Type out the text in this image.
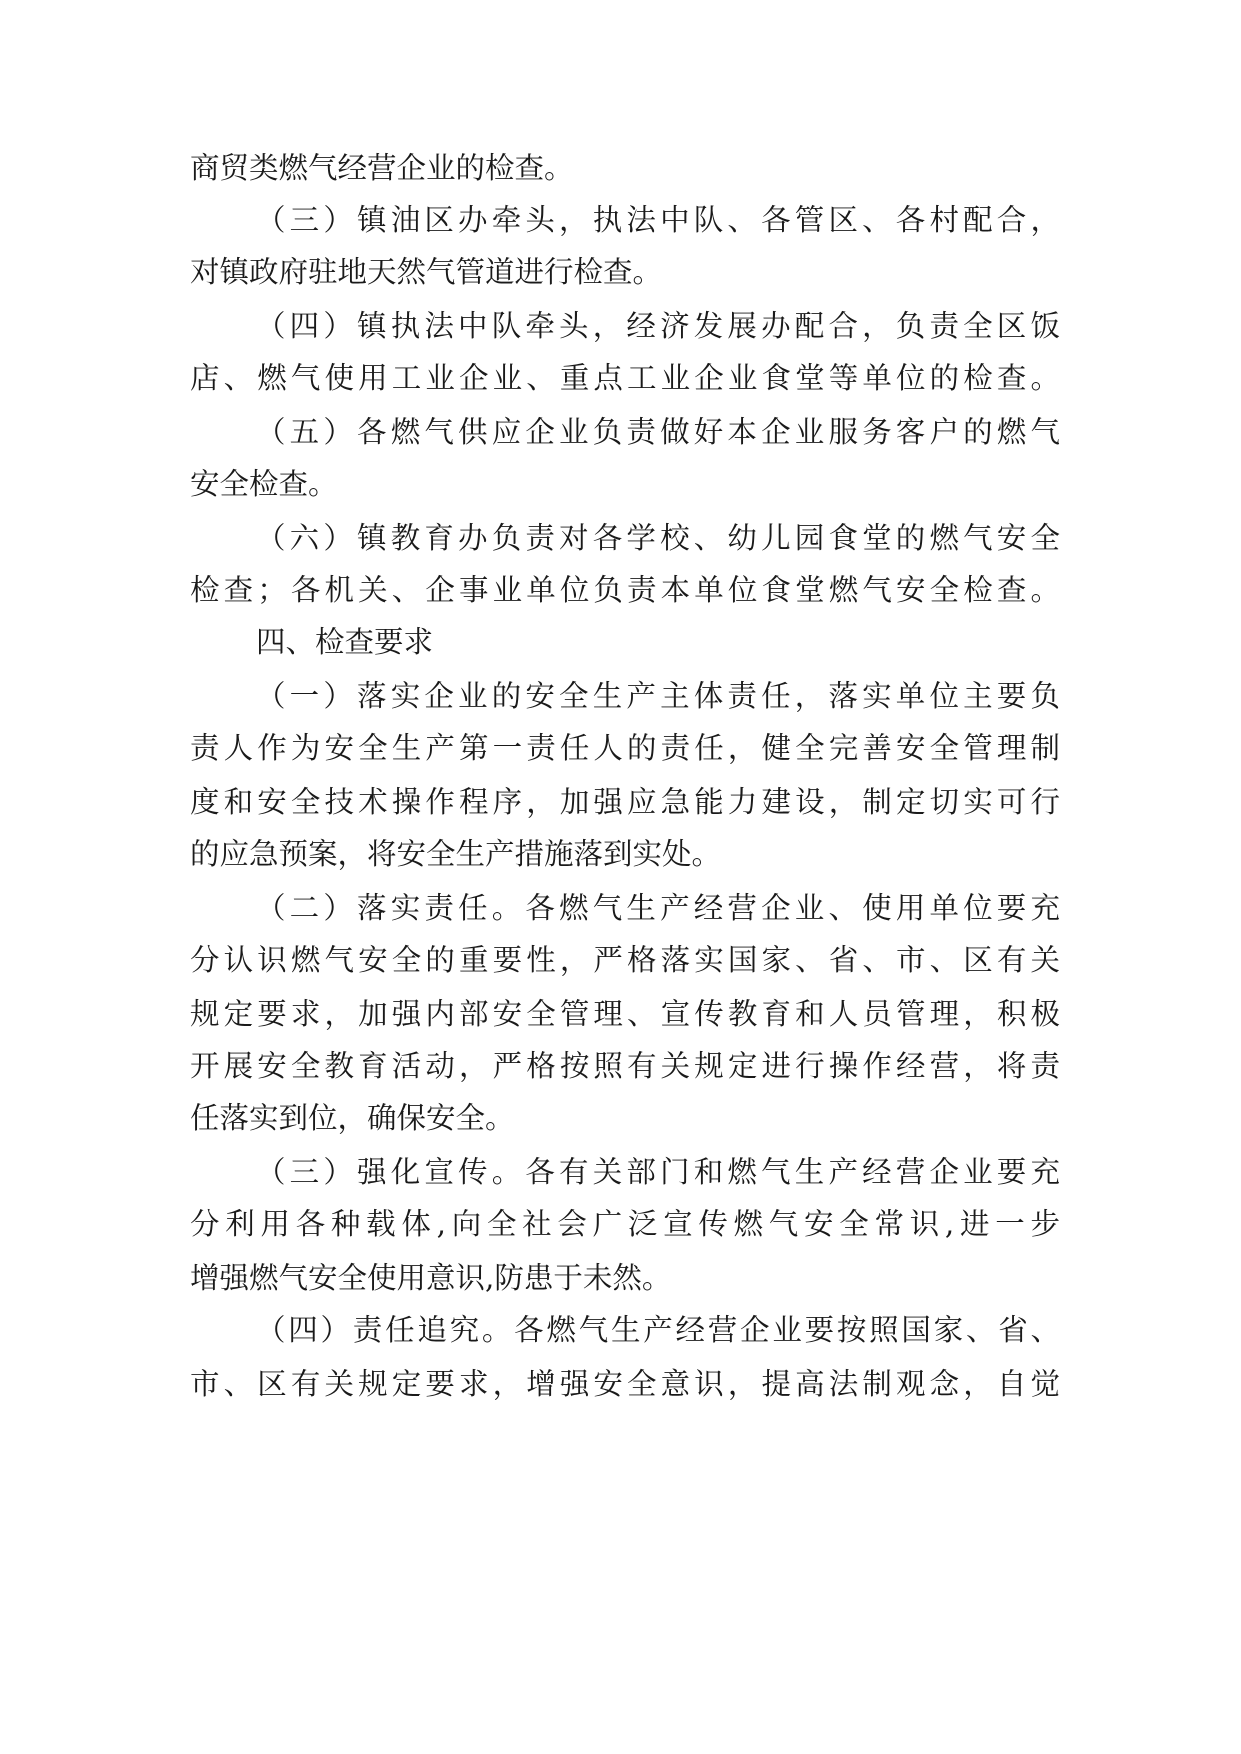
商贸类燃气经营企业的检查。
（三）镇油区办牵头，执法中队、各管区、各村配合，
对镇政府驻地天然气管道进行检查。
（四）镇执法中队牵头，经济发展办配合，负责全区饭
店、燃气使用工业企业、重点工业企业食堂等单位的检查。
（五）各燃气供应企业负责做好本企业服务客户的燃气
安全检查。
（六）镇教育办负责对各学校、幼儿园食堂的燃气安全
检查；各机关、企事业单位负责本单位食堂燃气安全检查。
四、检查要求
（一）落实企业的安全生产主体责任，落实单位主要负
责人作为安全生产第一责任人的责任，健全完善安全管理制
度和安全技术操作程序，加强应急能力建设，制定切实可行
的应急预案，将安全生产措施落到实处。
（二）落实责任。各燃气生产经营企业、使用单位要充
分认识燃气安全的重要性，严格落实国家、省、市、区有关
规定要求，加强内部安全管理、宣传教育和人员管理，积极
开展安全教育活动，严格按照有关规定进行操作经营，将责
任落实到位，确保安全。
（三）强化宣传。各有关部门和燃气生产经营企业要充
分利用各种载体,向全社会广泛宣传燃气安全常识,进一步
增强燃气安全使用意识,防患于未然。
（四）责任追究。各燃气生产经营企业要按照国家、省、
市、区有关规定要求，增强安全意识，提高法制观念，自觉
